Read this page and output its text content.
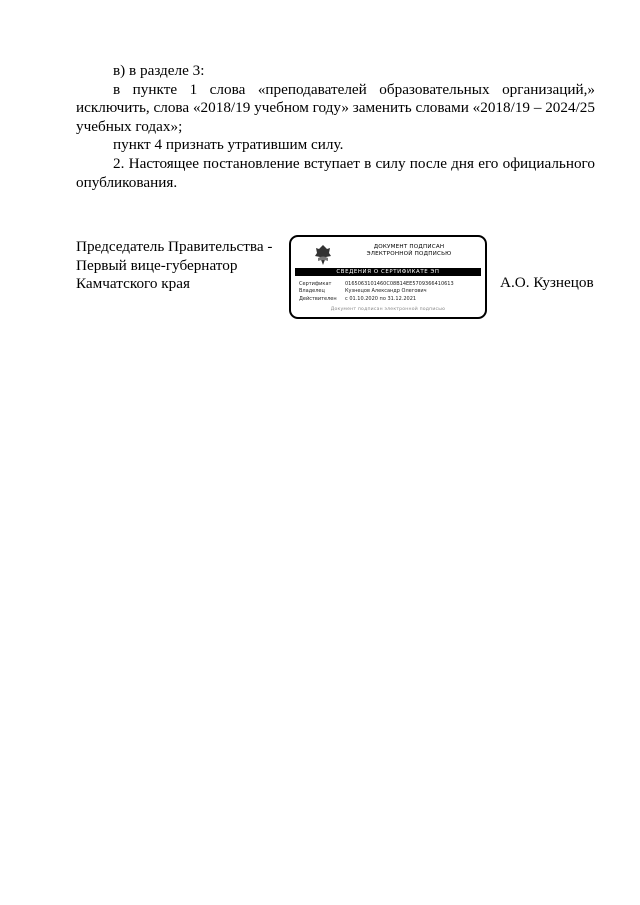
в) в разделе 3:

в пункте 1 слова «преподавателей образовательных организаций,» исключить, слова «2018/19 учебном году» заменить словами «2018/19 – 2024/25 учебных годах»;

пункт 4 признать утратившим силу.

2. Настоящее постановление вступает в силу после дня его официального опубликования.

Председатель Правительства -
Первый вице-губернатор
Камчатского края
ДОКУМЕНТ ПОДПИСАН
ЭЛЕКТРОННОЙ ПОДПИСЬЮ
СВЕДЕНИЯ О СЕРТИФИКАТЕ ЭП
Сертификат	0165063101460C08B14EE5709366410613
Владелец	Кузнецов Александр Олегович
Действителен	с 01.10.2020 по 31.12.2021
Документ подписан электронной подписью
А.О. Кузнецов
